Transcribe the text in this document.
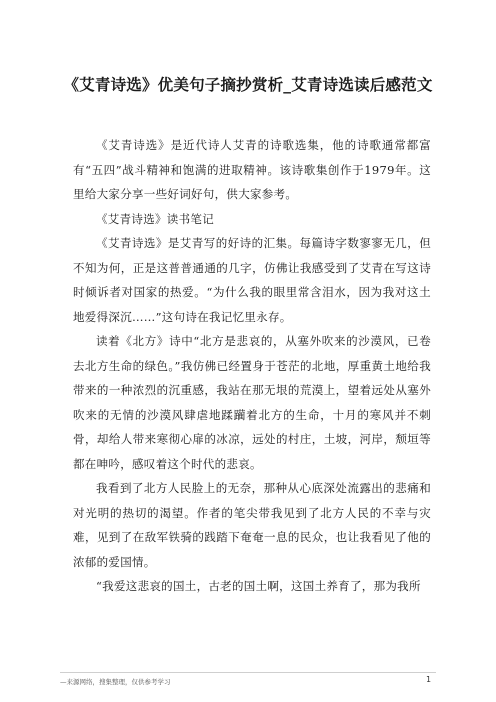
《艾青诗选》优美句子摘抄赏析_艾青诗选读后感范文

《艾青诗选》是近代诗人艾青的诗歌选集，他的诗歌通常都富有“五四”战斗精神和饱满的进取精神。该诗歌集创作于1979年。这里给大家分享一些好词好句，供大家参考。

《艾青诗选》读书笔记

《艾青诗选》是艾青写的好诗的汇集。每篇诗字数寥寥无几，但不知为何，正是这普普通通的几字，仿佛让我感受到了艾青在写这诗时倾诉者对国家的热爱。“为什么我的眼里常含泪水，因为我对这土地爱得深沉……”这句诗在我记忆里永存。

读着《北方》诗中“北方是悲哀的，从塞外吹来的沙漠风，已卷去北方生命的绿色。”我仿佛已经置身于苍茫的北地，厚重黄土地给我带来的一种浓烈的沉重感，我站在那无垠的荒漠上，望着远处从塞外吹来的无情的沙漠风肆虐地蹂躏着北方的生命，十月的寒风并不刺骨，却给人带来寒彻心扉的冰凉，远处的村庄，土坡，河岸，颓垣等都在呻吟，感叹着这个时代的悲哀。

我看到了北方人民脸上的无奈，那种从心底深处流露出的悲痛和对光明的热切的渴望。作者的笔尖带我见到了北方人民的不幸与灾难，见到了在敌军铁骑的践踏下奄奄一息的民众，也让我看见了他的浓郁的爱国情。

“我爱这悲哀的国土，古老的国土啊，这国土养育了，那为我所

—来源网络，搜集整理，仅供参考学习	1
